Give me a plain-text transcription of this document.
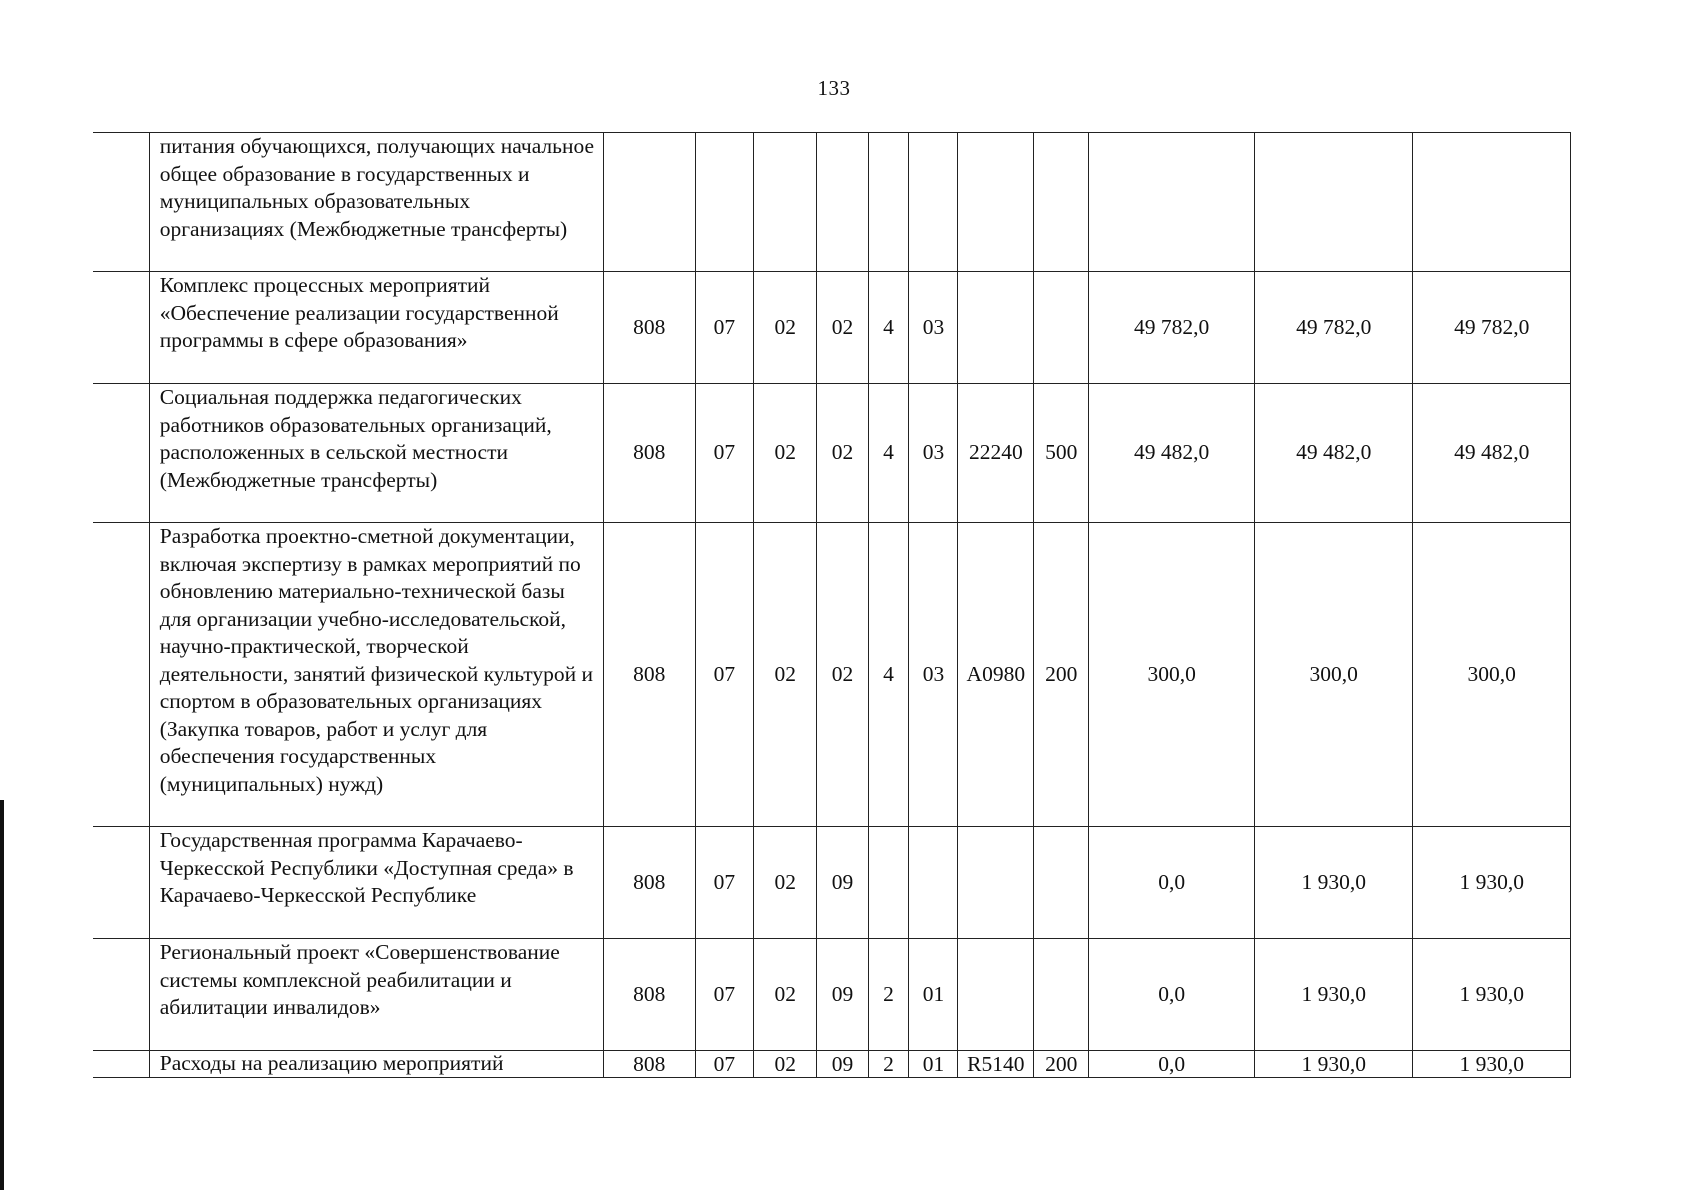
133
	питания обучающихся, получающих начальное общее образование в государственных и муниципальных образовательных организациях (Межбюджетные трансферты)											
	Комплекс процессных мероприятий «Обеспечение реализации государственной программы в сфере образования»	808	07	02	02	4	03			49 782,0	49 782,0	49 782,0
	Социальная поддержка педагогических работников образовательных организаций, расположенных в сельской местности (Межбюджетные трансферты)	808	07	02	02	4	03	22240	500	49 482,0	49 482,0	49 482,0
	Разработка проектно-сметной документации, включая экспертизу в рамках мероприятий по обновлению материально-технической базы для организации учебно-исследовательской, научно-практической, творческой деятельности, занятий физической культурой и спортом в образовательных организациях (Закупка товаров, работ и услуг для обеспечения государственных (муниципальных) нужд)	808	07	02	02	4	03	А0980	200	300,0	300,0	300,0
	Государственная программа Карачаево-Черкесской Республики «Доступная среда» в Карачаево-Черкесской Республике	808	07	02	09					0,0	1 930,0	1 930,0
	Региональный проект «Совершенствование системы комплексной реабилитации и абилитации инвалидов»	808	07	02	09	2	01			0,0	1 930,0	1 930,0
	Расходы на реализацию мероприятий	808	07	02	09	2	01	R5140	200	0,0	1 930,0	1 930,0
